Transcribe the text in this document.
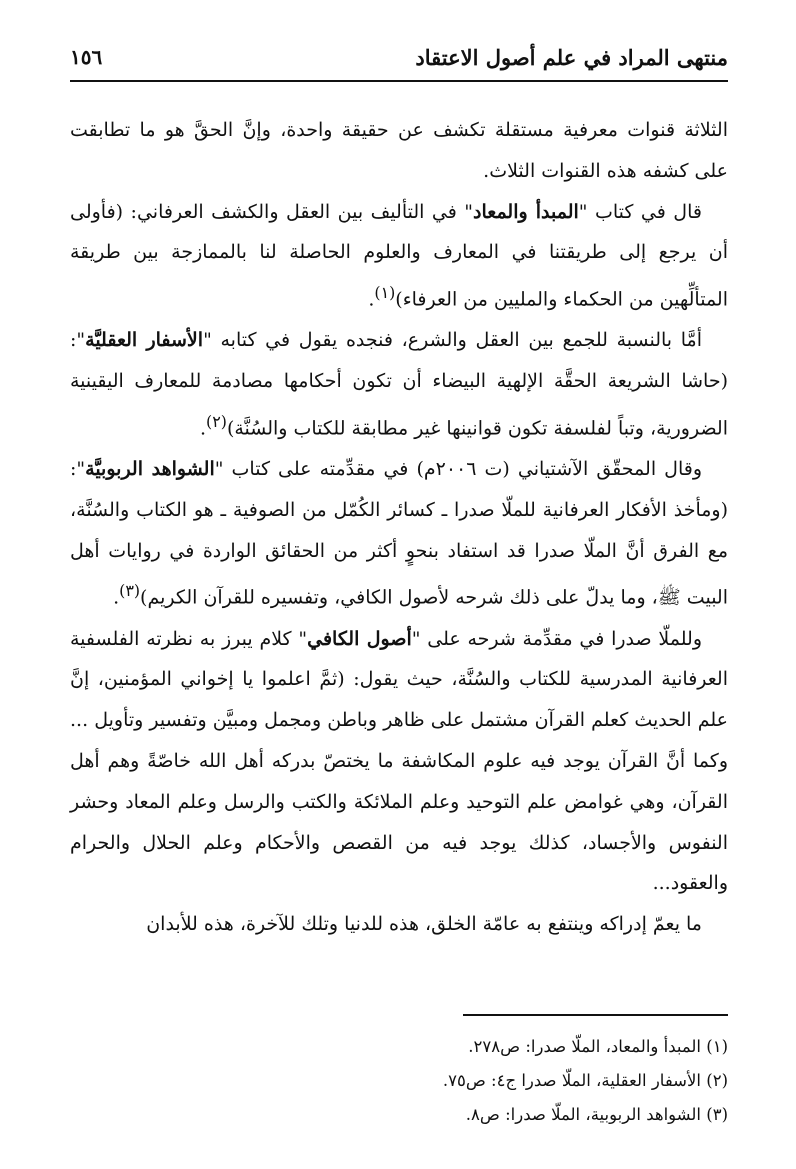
منتهى المراد في علم أصول الاعتقاد
١٥٦

الثلاثة قنوات معرفية مستقلة تكشف عن حقيقة واحدة، وإنَّ الحقَّ هو ما تطابقت على كشفه هذه القنوات الثلاث.

قال في كتاب "المبدأ والمعاد" في التأليف بين العقل والكشف العرفاني: (فأولى أن يرجع إلى طريقتنا في المعارف والعلوم الحاصلة لنا بالممازجة بين طريقة المتألِّهين من الحكماء والمليين من العرفاء)$^{(١)}$.

أمَّا بالنسبة للجمع بين العقل والشرع، فنجده يقول في كتابه "الأسفار العقليَّة": (حاشا الشريعة الحقَّة الإلهية البيضاء أن تكون أحكامها مصادمة للمعارف اليقينية الضرورية، وتباً لفلسفة تكون قوانينها غير مطابقة للكتاب والسُنَّة)$^{(٢)}$.

وقال المحقّق الآشتياني (ت ٢٠٠٦م) في مقدِّمته على كتاب "الشواهد الربوبيَّة": (ومأخذ الأفكار العرفانية للملّا صدرا ـ كسائر الكُمّل من الصوفية ـ هو الكتاب والسُنَّة، مع الفرق أنَّ الملّا صدرا قد استفاد بنحوٍ أكثر من الحقائق الواردة في روايات أهل البيت ﷺ، وما يدلّ على ذلك شرحه لأصول الكافي، وتفسيره للقرآن الكريم)$^{(٣)}$.

وللملّا صدرا في مقدِّمة شرحه على "أصول الكافي" كلام يبرز به نظرته الفلسفية العرفانية المدرسية للكتاب والسُنَّة، حيث يقول: (ثمَّ اعلموا يا إخواني المؤمنين، إنَّ علم الحديث كعلم القرآن مشتمل على ظاهر وباطن ومجمل ومبيَّن وتفسير وتأويل ... وكما أنَّ القرآن يوجد فيه علوم المكاشفة ما يختصّ بدركه أهل الله خاصّةً وهم أهل القرآن، وهي غوامض علم التوحيد وعلم الملائكة والكتب والرسل وعلم المعاد وحشر النفوس والأجساد، كذلك يوجد فيه من القصص والأحكام وعلم الحلال والحرام والعقود...

ما يعمّ إدراكه وينتفع به عامّة الخلق، هذه للدنيا وتلك للآخرة، هذه للأبدان

(١) المبدأ والمعاد، الملّا صدرا: ص٢٧٨.
(٢) الأسفار العقلية، الملّا صدرا ج٤: ص٧٥.
(٣) الشواهد الربوبية، الملّا صدرا: ص٨.
